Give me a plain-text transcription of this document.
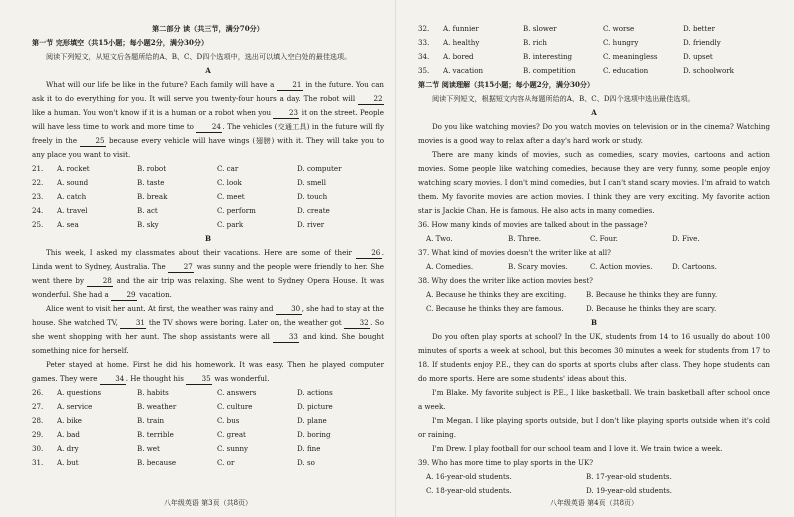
第二部分 读（共三节，满分70分）
第一节 完形填空（共15小题；每小题2分，满分30分）

阅读下列短文，从短文后各题所给的A、B、C、D四个选项中，选出可以填入空白处的最佳选项。

A

What will our life be like in the future? Each family will have a	21 in the future. You can ask it to do everything for you. It will serve you twenty-four hours a day. The robot will	22 like a human. You won't know if it is a human or a robot when you	23 it on the street. People will have less time to work and more time to	24. The vehicles (交通工具) in the future will fly freely in the	25 because every vehicle will have wings (翅膀) with it. They will take you to any place you want to visit.

21.	A. rocket	B. robot	C. car	D. computer
22.	A. sound	B. taste	C. look	D. smell
23.	A. catch	B. break	C. meet	D. touch
24.	A. travel	B. act	C. perform	D. create
25.	A. sea	B. sky	C. park	D. river
B

This week, I asked my classmates about their vacations. Here are some of their	26. Linda went to Sydney, Australia. The	27 was sunny and the people were friendly to her. She went there by	28 and the air trip was relaxing. She went to Sydney Opera House. It was wonderful. She had a	29 vacation.

Alice went to visit her aunt. At first, the weather was rainy and	30, she had to stay at the house. She watched TV,	31 the TV shows were boring. Later on, the weather got	32. So she went shopping with her aunt. The shop assistants were all	33 and kind. She bought something nice for herself.

Peter stayed at home. First he did his homework. It was easy. Then he played computer games. They were	34. He thought his	35 was wonderful.

26.	A. questions	B. habits	C. answers	D. actions
27.	A. service	B. weather	C. culture	D. picture
28.	A. bike	B. train	C. bus	D. plane
29.	A. bad	B. terrible	C. great	D. boring
30.	A. dry	B. wet	C. sunny	D. fine
31.	A. but	B. because	C. or	D. so
八年级英语 第3页（共8页）
32.	A. funnier	B. slower	C. worse	D. better
33.	A. healthy	B. rich	C. hungry	D. friendly
34.	A. bored	B. interesting	C. meaningless	D. upset
35.	A. vacation	B. competition	C. education	D. schoolwork
第二节 阅读理解（共15小题；每小题2分，满分30分）

阅读下列短文，根据短文内容从每题所给的A、B、C、D四个选项中选出最佳选项。

A

Do you like watching movies? Do you watch movies on television or in the cinema? Watching movies is a good way to relax after a day's hard work or study.

There are many kinds of movies, such as comedies, scary movies, cartoons and action movies. Some people like watching comedies, because they are very funny, some people enjoy watching scary movies. I don't mind comedies, but I can't stand scary movies. I'm afraid to watch them. My favorite movies are action movies. I think they are very exciting. My favorite action star is Jackie Chan. He is famous. He also acts in many comedies.

36. How many kinds of movies are talked about in the passage?
A. Two.	B. Three.	C. Four.	D. Five.
37. What kind of movies doesn't the writer like at all?
A. Comedies.	B. Scary movies.	C. Action movies.	D. Cartoons.
38. Why does the writer like action movies best?
A. Because he thinks they are exciting.	B. Because he thinks they are funny.
C. Because he thinks they are famous.	D. Because he thinks they are scary.
B

Do you often play sports at school? In the UK, students from 14 to 16 usually do about 100 minutes of sports a week at school, but this becomes 30 minutes a week for students from 17 to 18. If students enjoy P.E., they can do sports at sports clubs after class. They hope students can do more sports. Here are some students' ideas about this.

I'm Blake. My favorite subject is P.E., I like basketball. We train basketball after school once a week.

I'm Megan. I like playing sports outside, but I don't like playing sports outside when it's cold or raining.

I'm Drew. I play football for our school team and I love it. We train twice a week.

39. Who has more time to play sports in the UK?
A. 16-year-old students.	B. 17-year-old students.
C. 18-year-old students.	D. 19-year-old students.
八年级英语 第4页（共8页）
